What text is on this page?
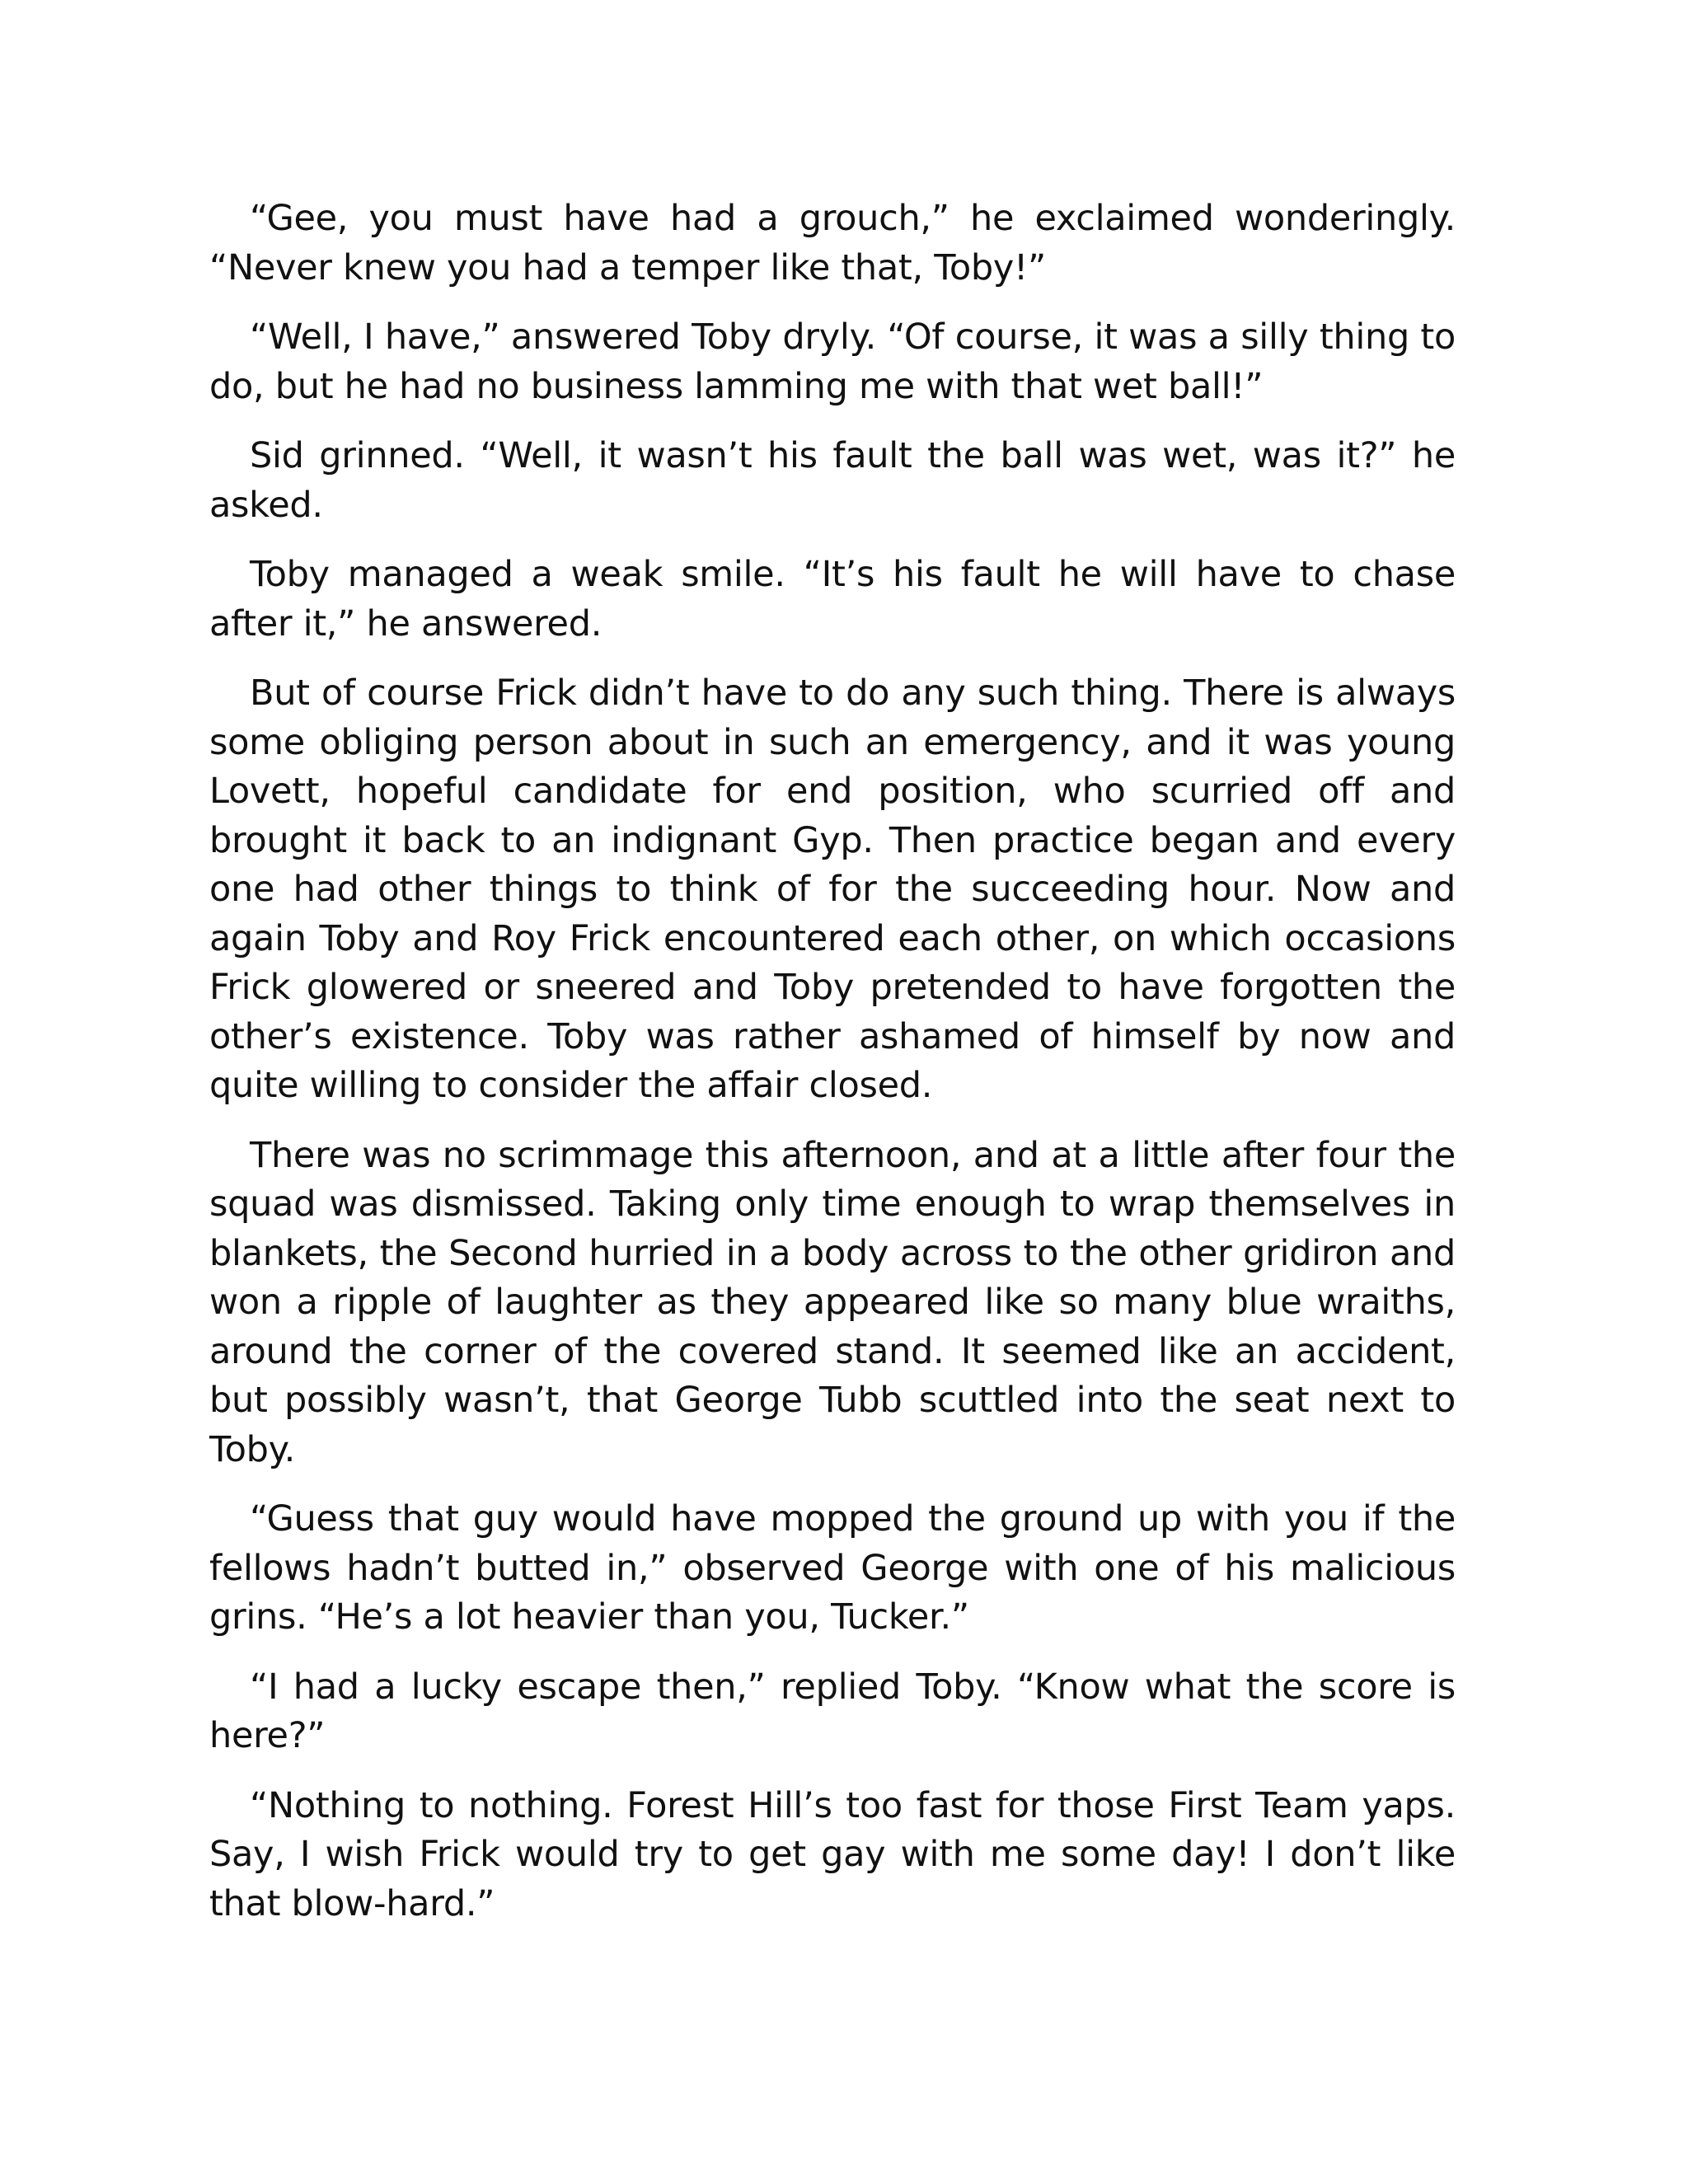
“Gee, you must have had a grouch,” he exclaimed wonderingly. “Never knew you had a temper like that, Toby!”

“Well, I have,” answered Toby dryly. “Of course, it was a silly thing to do, but he had no business lamming me with that wet ball!”

Sid grinned. “Well, it wasn’t his fault the ball was wet, was it?” he asked.

Toby managed a weak smile. “It’s his fault he will have to chase after it,” he answered.

But of course Frick didn’t have to do any such thing. There is always some obliging person about in such an emergency, and it was young Lovett, hopeful candidate for end position, who scurried off and brought it back to an indignant Gyp. Then practice began and every one had other things to think of for the succeeding hour. Now and again Toby and Roy Frick encountered each other, on which occasions Frick glowered or sneered and Toby pretended to have forgotten the other’s existence. Toby was rather ashamed of himself by now and quite willing to consider the affair closed.

There was no scrimmage this afternoon, and at a little after four the squad was dismissed. Taking only time enough to wrap themselves in blankets, the Second hurried in a body across to the other gridiron and won a ripple of laughter as they appeared like so many blue wraiths, around the corner of the covered stand. It seemed like an accident, but possibly wasn’t, that George Tubb scuttled into the seat next to Toby.

“Guess that guy would have mopped the ground up with you if the fellows hadn’t butted in,” observed George with one of his malicious grins. “He’s a lot heavier than you, Tucker.”

“I had a lucky escape then,” replied Toby. “Know what the score is here?”

“Nothing to nothing. Forest Hill’s too fast for those First Team yaps. Say, I wish Frick would try to get gay with me some day! I don’t like that blow-hard.”
